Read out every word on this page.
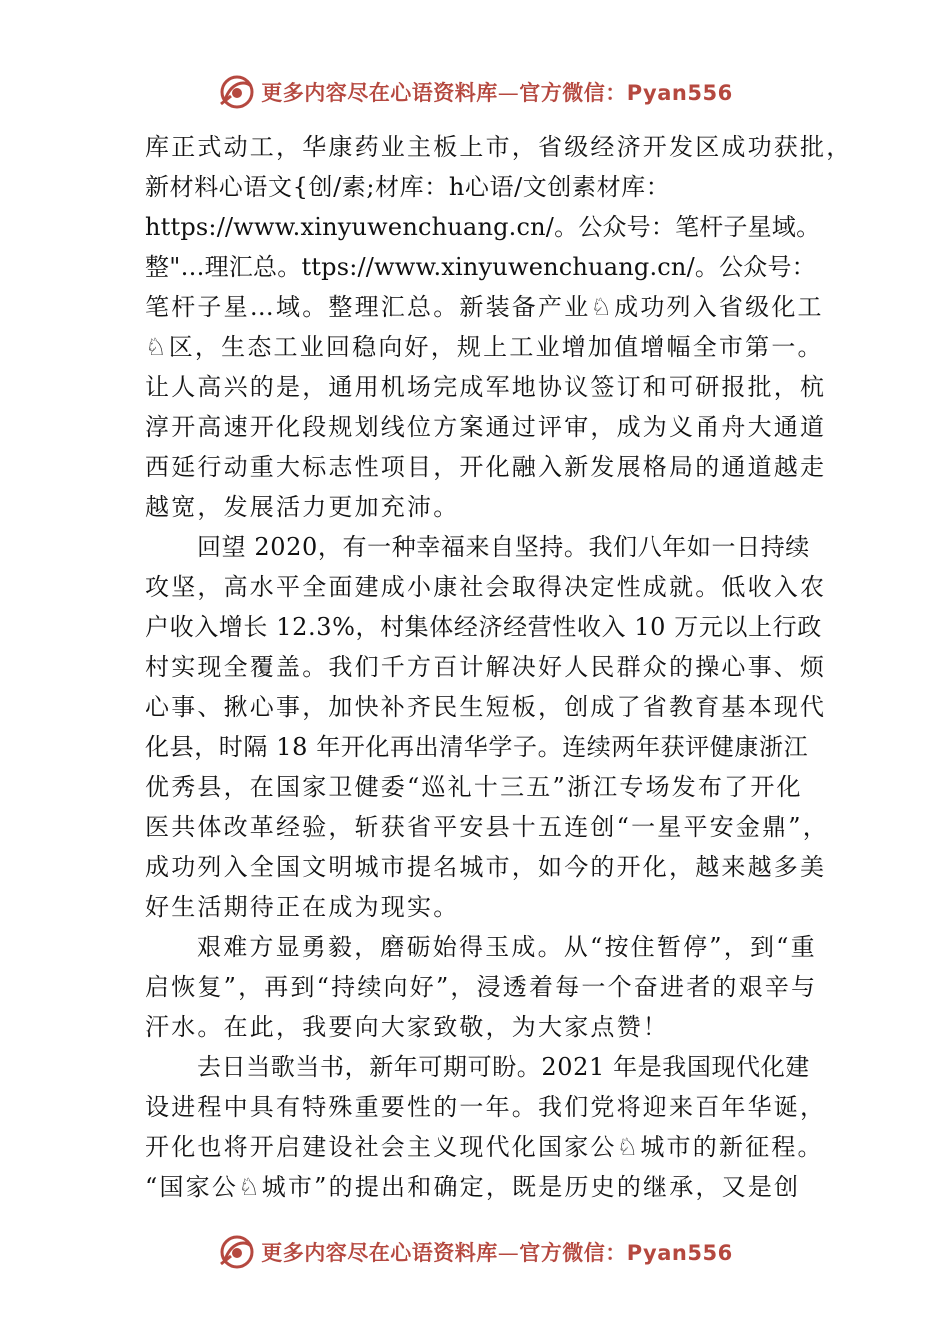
更多内容尽在心语资料库—官方微信：Pyan556
库正式动工，华康药业主板上市，省级经济开发区成功获批，
新材料心语文{创/素;材库：h心语/文创素材库：
https://www.xinyuwenchuang.cn/。公众号：笔杆子星域。
整"…理汇总。ttps://www.xinyuwenchuang.cn/。公众号：
笔杆子星…域。整理汇总。新装备产业♘成功列入省级化工
♘区，生态工业回稳向好，规上工业增加值增幅全市第一。
让人高兴的是，通用机场完成军地协议签订和可研报批，杭
淳开高速开化段规划线位方案通过评审，成为义甬舟大通道
西延行动重大标志性项目，开化融入新发展格局的通道越走
越宽，发展活力更加充沛。
回望 2020，有一种幸福来自坚持。我们八年如一日持续
攻坚，高水平全面建成小康社会取得决定性成就。低收入农
户收入增长 12.3%，村集体经济经营性收入 10 万元以上行政
村实现全覆盖。我们千方百计解决好人民群众的操心事、烦
心事、揪心事，加快补齐民生短板，创成了省教育基本现代
化县，时隔 18 年开化再出清华学子。连续两年获评健康浙江
优秀县，在国家卫健委“巡礼十三五”浙江专场发布了开化
医共体改革经验，斩获省平安县十五连创“一星平安金鼎”，
成功列入全国文明城市提名城市，如今的开化，越来越多美
好生活期待正在成为现实。
艰难方显勇毅，磨砺始得玉成。从“按住暂停”，到“重
启恢复”，再到“持续向好”，浸透着每一个奋进者的艰辛与
汗水。在此，我要向大家致敬，为大家点赞！
去日当歌当书，新年可期可盼。2021 年是我国现代化建
设进程中具有特殊重要性的一年。我们党将迎来百年华诞，
开化也将开启建设社会主义现代化国家公♘城市的新征程。
“国家公♘城市”的提出和确定，既是历史的继承，又是创
更多内容尽在心语资料库—官方微信：Pyan556
